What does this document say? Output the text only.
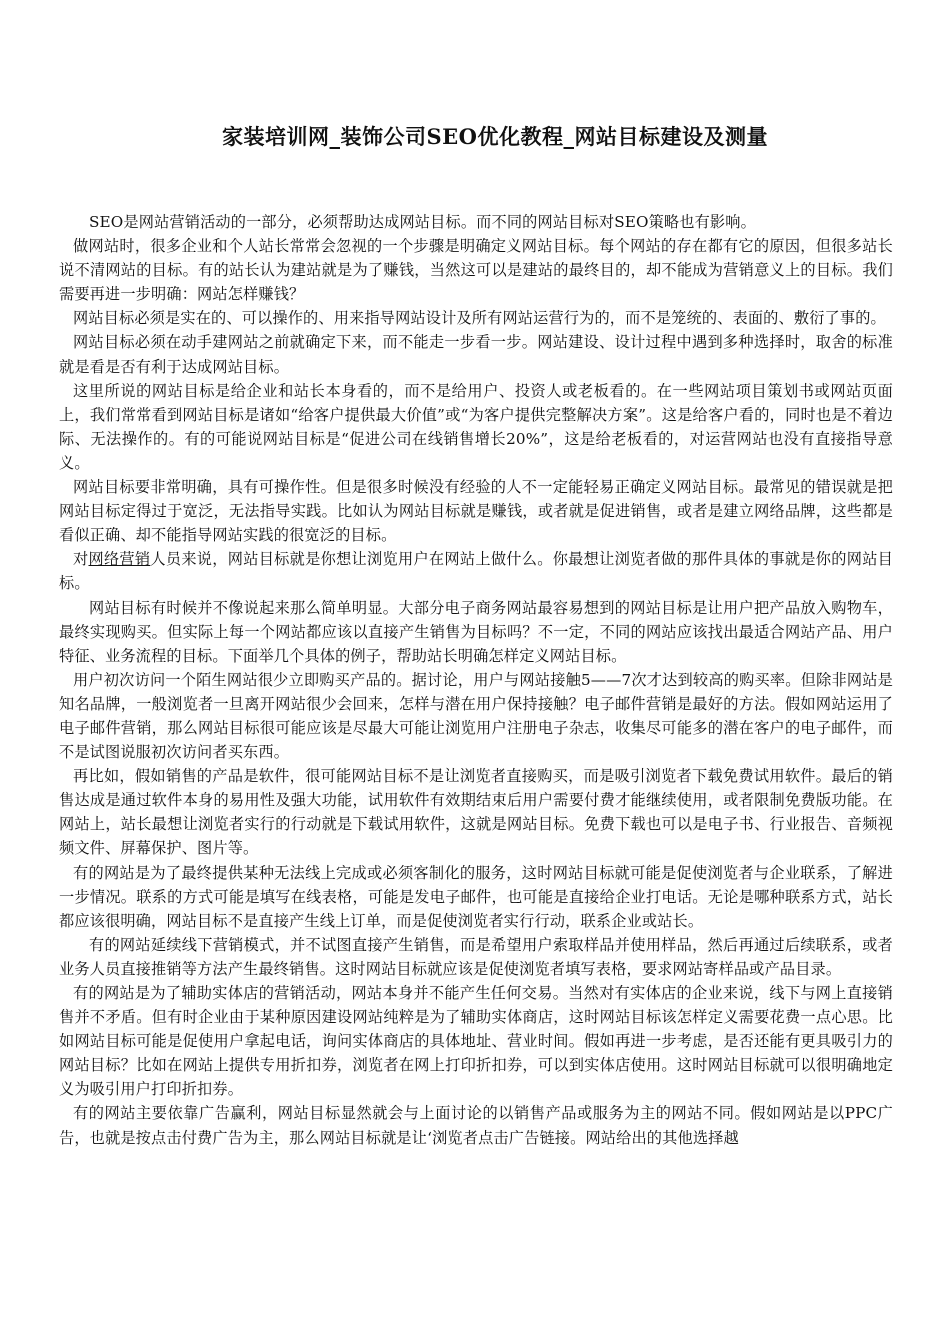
家装培训网_装饰公司SEO优化教程_网站目标建设及测量

SEO是网站营销活动的一部分，必须帮助达成网站目标。而不同的网站目标对SEO策略也有影响。

做网站时，很多企业和个人站长常常会忽视的一个步骤是明确定义网站目标。每个网站的存在都有它的原因，但很多站长说不清网站的目标。有的站长认为建站就是为了赚钱，当然这可以是建站的最终目的，却不能成为营销意义上的目标。我们需要再进一步明确：网站怎样赚钱？

网站目标必须是实在的、可以操作的、用来指导网站设计及所有网站运营行为的，而不是笼统的、表面的、敷衍了事的。

网站目标必须在动手建网站之前就确定下来，而不能走一步看一步。网站建设、设计过程中遇到多种选择时，取舍的标准就是看是否有利于达成网站目标。

这里所说的网站目标是给企业和站长本身看的，而不是给用户、投资人或老板看的。在一些网站项目策划书或网站页面上，我们常常看到网站目标是诸如“给客户提供最大价值”或“为客户提供完整解决方案”。这是给客户看的，同时也是不着边际、无法操作的。有的可能说网站目标是“促进公司在线销售增长20%”，这是给老板看的，对运营网站也没有直接指导意义。

网站目标要非常明确，具有可操作性。但是很多时候没有经验的人不一定能轻易正确定义网站目标。最常见的错误就是把网站目标定得过于宽泛，无法指导实践。比如认为网站目标就是赚钱，或者就是促进销售，或者是建立网络品牌，这些都是看似正确、却不能指导网站实践的很宽泛的目标。

对网络营销人员来说，网站目标就是你想让浏览用户在网站上做什么。你最想让浏览者做的那件具体的事就是你的网站目标。

网站目标有时候并不像说起来那么简单明显。大部分电子商务网站最容易想到的网站目标是让用户把产品放入购物车，最终实现购买。但实际上每一个网站都应该以直接产生销售为目标吗？不一定，不同的网站应该找出最适合网站产品、用户特征、业务流程的目标。下面举几个具体的例子，帮助站长明确怎样定义网站目标。

用户初次访问一个陌生网站很少立即购买产品的。据讨论，用户与网站接触5——7次才达到较高的购买率。但除非网站是知名品牌，一般浏览者一旦离开网站很少会回来，怎样与潜在用户保持接触？电子邮件营销是最好的方法。假如网站运用了电子邮件营销，那么网站目标很可能应该是尽最大可能让浏览用户注册电子杂志，收集尽可能多的潜在客户的电子邮件，而不是试图说服初次访问者买东西。

再比如，假如销售的产品是软件，很可能网站目标不是让浏览者直接购买，而是吸引浏览者下载免费试用软件。最后的销售达成是通过软件本身的易用性及强大功能，试用软件有效期结束后用户需要付费才能继续使用，或者限制免费版功能。在网站上，站长最想让浏览者实行的行动就是下载试用软件，这就是网站目标。免费下载也可以是电子书、行业报告、音频视频文件、屏幕保护、图片等。

有的网站是为了最终提供某种无法线上完成或必须客制化的服务，这时网站目标就可能是促使浏览者与企业联系，了解进一步情况。联系的方式可能是填写在线表格，可能是发电子邮件，也可能是直接给企业打电话。无论是哪种联系方式，站长都应该很明确，网站目标不是直接产生线上订单，而是促使浏览者实行行动，联系企业或站长。

有的网站延续线下营销模式，并不试图直接产生销售，而是希望用户索取样品并使用样品，然后再通过后续联系，或者业务人员直接推销等方法产生最终销售。这时网站目标就应该是促使浏览者填写表格，要求网站寄样品或产品目录。

有的网站是为了辅助实体店的营销活动，网站本身并不能产生任何交易。当然对有实体店的企业来说，线下与网上直接销售并不矛盾。但有时企业由于某种原因建设网站纯粹是为了辅助实体商店，这时网站目标该怎样定义需要花费一点心思。比如网站目标可能是促使用户拿起电话，询问实体商店的具体地址、营业时间。假如再进一步考虑，是否还能有更具吸引力的网站目标？比如在网站上提供专用折扣券，浏览者在网上打印折扣券，可以到实体店使用。这时网站目标就可以很明确地定义为吸引用户打印折扣券。

有的网站主要依靠广告赢利，网站目标显然就会与上面讨论的以销售产品或服务为主的网站不同。假如网站是以PPC广告，也就是按点击付费广告为主，那么网站目标就是让‘浏览者点击广告链接。网站给出的其他选择越
